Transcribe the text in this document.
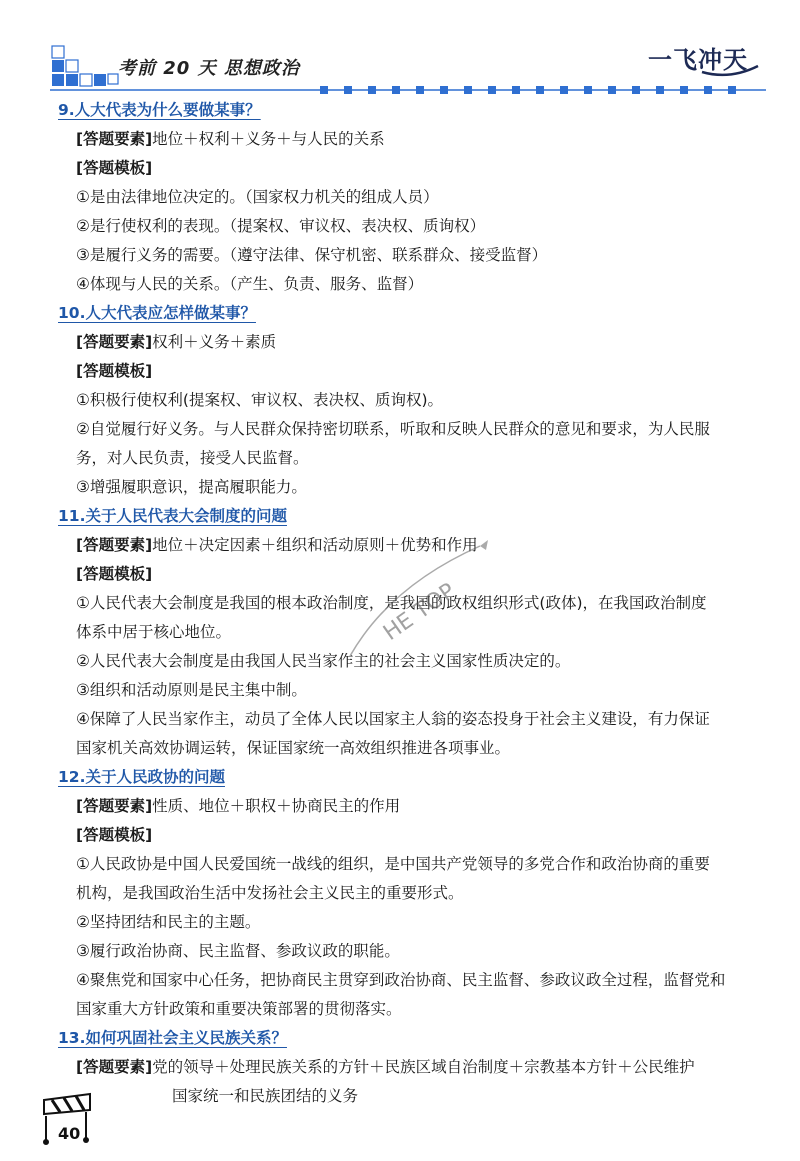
考前 20 天 思想政治	一飞冲天

9.人大代表为什么要做某事？

[答题要素]地位＋权利＋义务＋与人民的关系

[答题模板]

①是由法律地位决定的。（国家权力机关的组成人员）

②是行使权利的表现。（提案权、审议权、表决权、质询权）

③是履行义务的需要。（遵守法律、保守机密、联系群众、接受监督）

④体现与人民的关系。（产生、负责、服务、监督）

10.人大代表应怎样做某事？

[答题要素]权利＋义务＋素质

[答题模板]

①积极行使权利(提案权、审议权、表决权、质询权)。

②自觉履行好义务。与人民群众保持密切联系，听取和反映人民群众的意见和要求，为人民服

务，对人民负责，接受人民监督。

③增强履职意识，提高履职能力。

11.关于人民代表大会制度的问题

[答题要素]地位＋决定因素＋组织和活动原则＋优势和作用

[答题模板]

①人民代表大会制度是我国的根本政治制度，是我国的政权组织形式(政体)，在我国政治制度

体系中居于核心地位。

②人民代表大会制度是由我国人民当家作主的社会主义国家性质决定的。

③组织和活动原则是民主集中制。

④保障了人民当家作主，动员了全体人民以国家主人翁的姿态投身于社会主义建设，有力保证

国家机关高效协调运转，保证国家统一高效组织推进各项事业。

12.关于人民政协的问题

[答题要素]性质、地位＋职权＋协商民主的作用

[答题模板]

①人民政协是中国人民爱国统一战线的组织，是中国共产党领导的多党合作和政治协商的重要

机构，是我国政治生活中发扬社会主义民主的重要形式。

②坚持团结和民主的主题。

③履行政治协商、民主监督、参政议政的职能。

④聚焦党和国家中心任务，把协商民主贯穿到政治协商、民主监督、参政议政全过程，监督党和

国家重大方针政策和重要决策部署的贯彻落实。

13.如何巩固社会主义民族关系？

[答题要素]党的领导＋处理民族关系的方针＋民族区域自治制度＋宗教基本方针＋公民维护

国家统一和民族团结的义务

HE TOP
40
